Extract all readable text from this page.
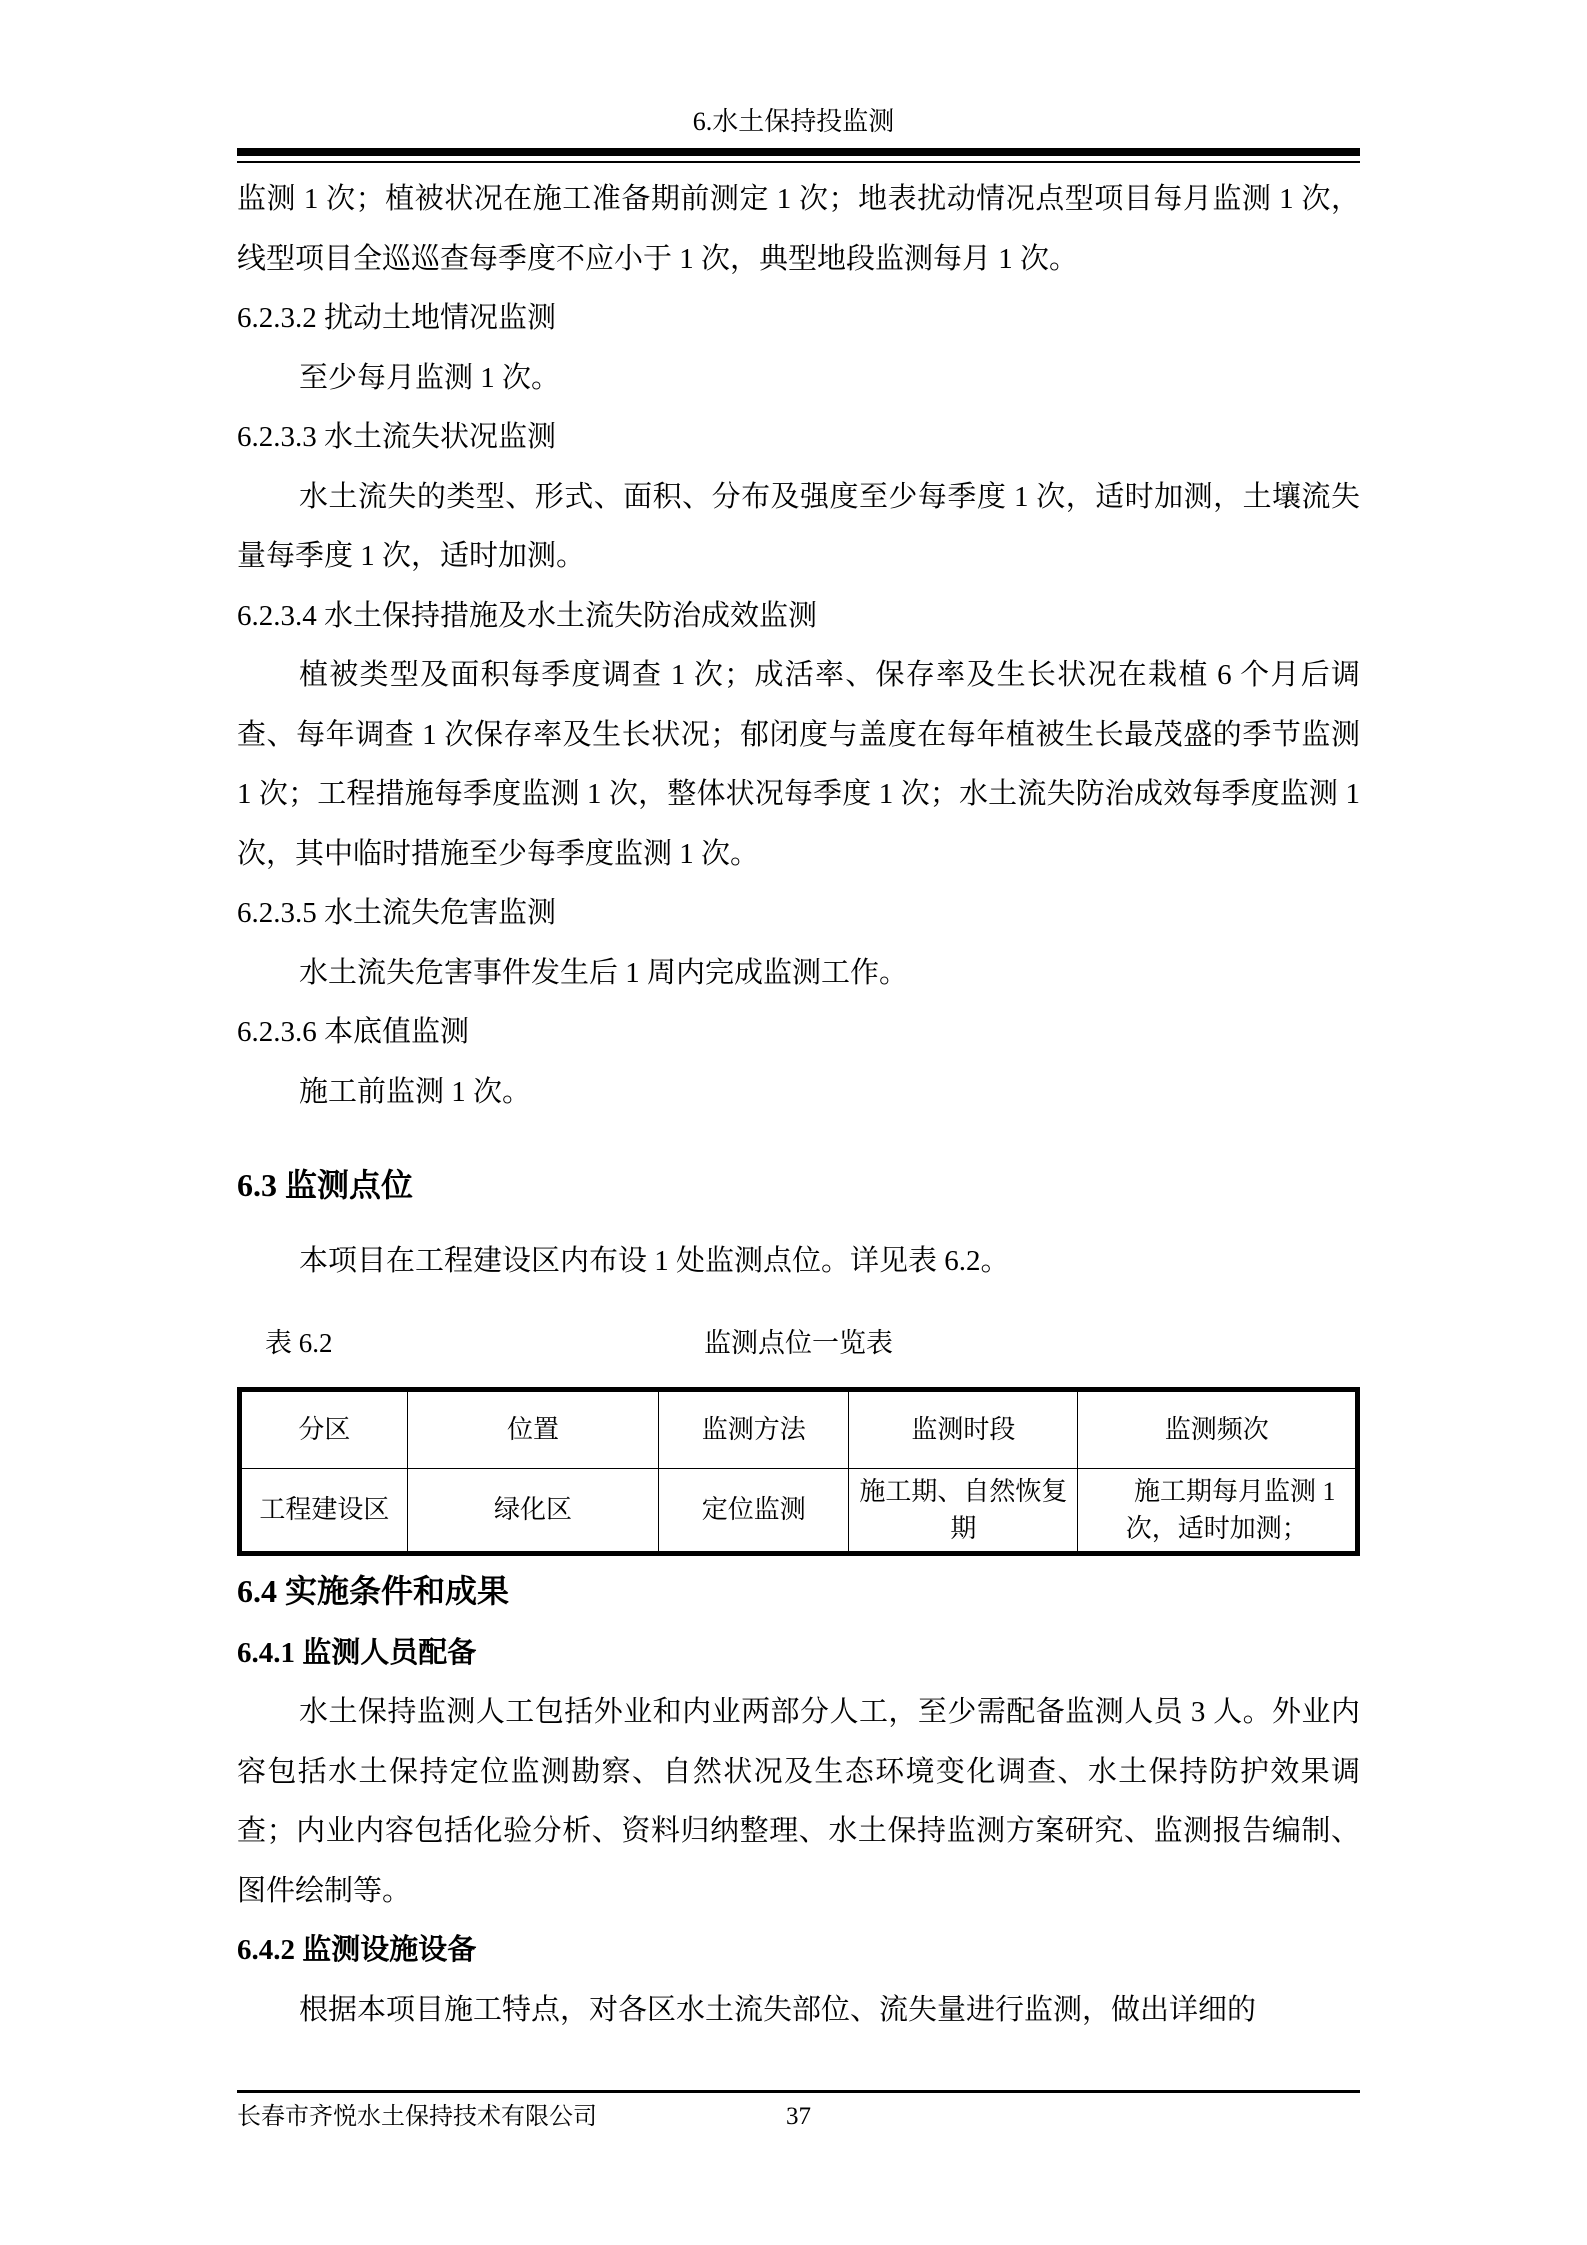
6.水土保持投监测

监测 1 次；植被状况在施工准备期前测定 1 次；地表扰动情况点型项目每月监测 1 次，线型项目全巡巡查每季度不应小于 1 次，典型地段监测每月 1 次。

6.2.3.2 扰动土地情况监测

至少每月监测 1 次。

6.2.3.3 水土流失状况监测

水土流失的类型、形式、面积、分布及强度至少每季度 1 次，适时加测，土壤流失量每季度 1 次，适时加测。

6.2.3.4 水土保持措施及水土流失防治成效监测

植被类型及面积每季度调查 1 次；成活率、保存率及生长状况在栽植 6 个月后调查、每年调查 1 次保存率及生长状况；郁闭度与盖度在每年植被生长最茂盛的季节监测 1 次；工程措施每季度监测 1 次，整体状况每季度 1 次；水土流失防治成效每季度监测 1 次，其中临时措施至少每季度监测 1 次。

6.2.3.5 水土流失危害监测

水土流失危害事件发生后 1 周内完成监测工作。

6.2.3.6 本底值监测

施工前监测 1 次。

6.3 监测点位

本项目在工程建设区内布设 1 处监测点位。详见表 6.2。

表 6.2	监测点位一览表
分区	位置	监测方法	监测时段	监测频次
工程建设区	绿化区	定位监测	施工期、自然恢复期	施工期每月监测 1 次，适时加测；
6.4 实施条件和成果
6.4.1 监测人员配备

水土保持监测人工包括外业和内业两部分人工，至少需配备监测人员 3 人。外业内容包括水土保持定位监测勘察、自然状况及生态环境变化调查、水土保持防护效果调查；内业内容包括化验分析、资料归纳整理、水土保持监测方案研究、监测报告编制、图件绘制等。

6.4.2 监测设施设备

根据本项目施工特点，对各区水土流失部位、流失量进行监测，做出详细的

长春市齐悦水土保持技术有限公司	37
